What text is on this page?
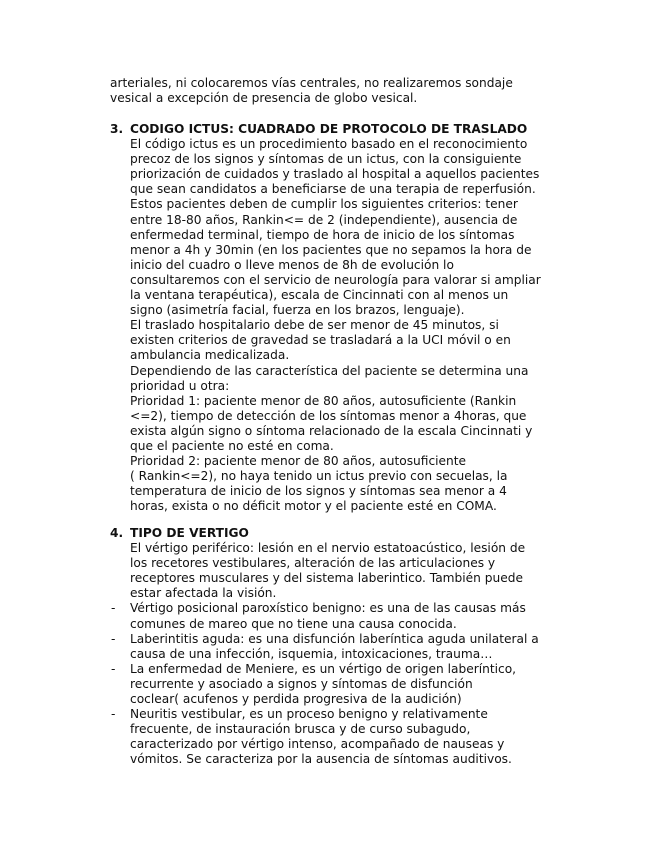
arteriales, ni colocaremos vías centrales, no realizaremos sondaje
vesical a excepción de presencia de globo vesical.
3. CODIGO ICTUS: CUADRADO DE PROTOCOLO DE TRASLADO
El código ictus es un procedimiento basado en el reconocimiento
precoz de los signos y síntomas de un ictus, con la consiguiente
priorización de cuidados y traslado al hospital a aquellos pacientes
que sean candidatos a beneficiarse de una terapia de reperfusión.
Estos pacientes deben de cumplir los siguientes criterios: tener
entre 18-80 años, Rankin<= de 2 (independiente), ausencia de
enfermedad terminal, tiempo de hora de inicio de los síntomas
menor a 4h y 30min (en los pacientes que no sepamos la hora de
inicio del cuadro o lleve menos de 8h de evolución lo
consultaremos con el servicio de neurología para valorar si ampliar
la ventana terapéutica), escala de Cincinnati con al menos un
signo (asimetría facial, fuerza en los brazos, lenguaje).
El traslado hospitalario debe de ser menor de 45 minutos, si
existen criterios de gravedad se trasladará a la UCI móvil o en
ambulancia medicalizada.
Dependiendo de las característica del paciente se determina una
prioridad u otra:
Prioridad 1: paciente menor de 80 años, autosuficiente (Rankin
<=2), tiempo de detección de los síntomas menor a 4horas, que
exista algún signo o síntoma relacionado de la escala Cincinnati y
que el paciente no esté en coma.
Prioridad 2: paciente menor de 80 años, autosuficiente
( Rankin<=2), no haya tenido un ictus previo con secuelas, la
temperatura de inicio de los signos y síntomas sea menor a 4
horas, exista o no déficit motor y el paciente esté en COMA.
4. TIPO DE VERTIGO
El vértigo periférico: lesión en el nervio estatoacústico, lesión de
los recetores vestibulares, alteración de las articulaciones y
receptores musculares y del sistema laberintico. También puede
estar afectada la visión.
- Vértigo posicional paroxístico benigno: es una de las causas más
comunes de mareo que no tiene una causa conocida.
- Laberintitis aguda: es una disfunción laberíntica aguda unilateral a
causa de una infección, isquemia, intoxicaciones, trauma…
- La enfermedad de Meniere, es un vértigo de origen laberíntico,
recurrente y asociado a signos y síntomas de disfunción
coclear( acufenos y perdida progresiva de la audición)
- Neuritis vestibular, es un proceso benigno y relativamente
frecuente, de instauración brusca y de curso subagudo,
caracterizado por vértigo intenso, acompañado de nauseas y
vómitos. Se caracteriza por la ausencia de síntomas auditivos.
